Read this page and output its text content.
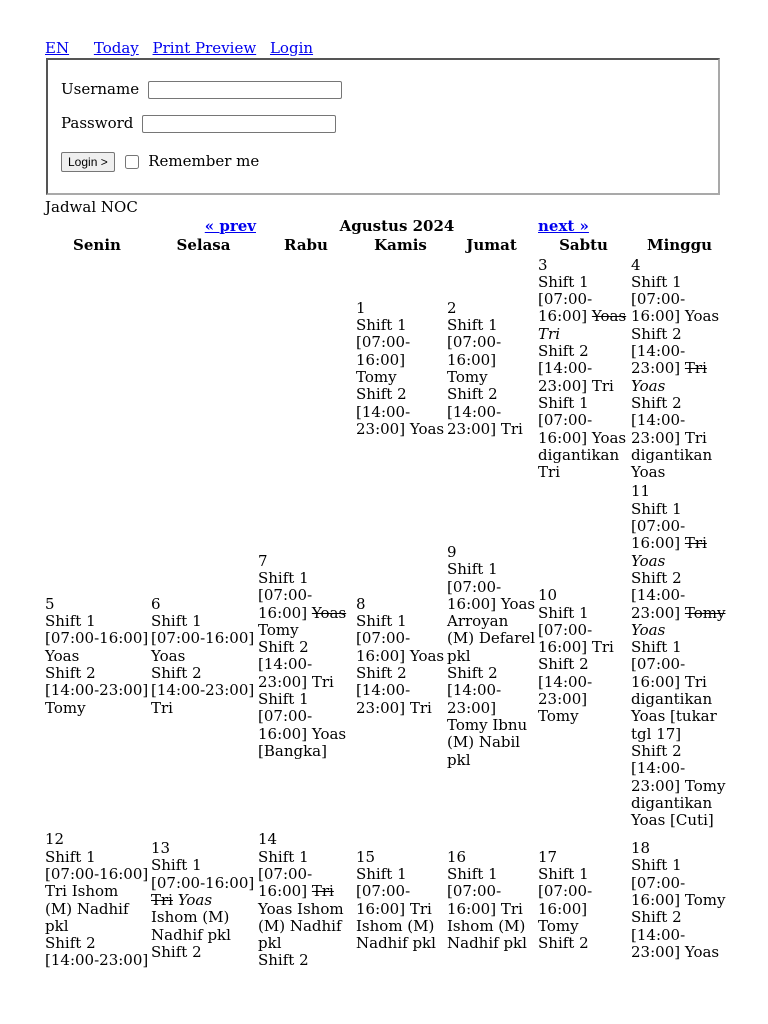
EN Today Print Preview Login
Username
Password
Login >	Remember me
Jadwal NOC
	« prev	Agustus 2024			next »	
Senin	Selasa	Rabu	Kamis	Jumat	Sabtu	Minggu

			1
Shift 1 [07:00-16:00] Tomy
Shift 2 [14:00-23:00] Yoas	2
Shift 1 [07:00-16:00] Tomy
Shift 2 [14:00-23:00] Tri	3
Shift 1 [07:00-16:00] Yoas Tri
Shift 2 [14:00-23:00] Tri
Shift 1 [07:00-16:00] Yoas digantikan Tri	4
Shift 1 [07:00-16:00] Yoas
Shift 2 [14:00-23:00] Tri Yoas
Shift 2 [14:00-23:00] Tri digantikan Yoas

5
Shift 1 [07:00-16:00] Yoas
Shift 2 [14:00-23:00] Tomy	6
Shift 1 [07:00-16:00] Yoas
Shift 2 [14:00-23:00] Tri	7
Shift 1 [07:00-16:00] Yoas Tomy
Shift 2 [14:00-23:00] Tri
Shift 1 [07:00-16:00] Yoas [Bangka]	8
Shift 1 [07:00-16:00] Yoas
Shift 2 [14:00-23:00] Tri	9
Shift 1 [07:00-16:00] Yoas Arroyan (M) Defarel pkl
Shift 2 [14:00-23:00] Tomy Ibnu (M) Nabil pkl	10
Shift 1 [07:00-16:00] Tri
Shift 2 [14:00-23:00] Tomy	11
Shift 1 [07:00-16:00] Tri Yoas
Shift 2 [14:00-23:00] Tomy Yoas
Shift 1 [07:00-16:00] Tri digantikan Yoas [tukar tgl 17]
Shift 2 [14:00-23:00] Tomy digantikan Yoas [Cuti]

12
Shift 1 [07:00-16:00] Tri Ishom (M) Nadhif pkl
Shift 2 [14:00-23:00]	13
Shift 1 [07:00-16:00] Tri Yoas Ishom (M) Nadhif pkl
Shift 2	14
Shift 1 [07:00-16:00] Tri Yoas Ishom (M) Nadhif pkl
Shift 2	15
Shift 1 [07:00-16:00] Tri Ishom (M) Nadhif pkl	16
Shift 1 [07:00-16:00] Tri Ishom (M) Nadhif pkl	17
Shift 1 [07:00-16:00] Tomy
Shift 2	18
Shift 1 [07:00-16:00] Tomy
Shift 2 [14:00-23:00] Yoas
